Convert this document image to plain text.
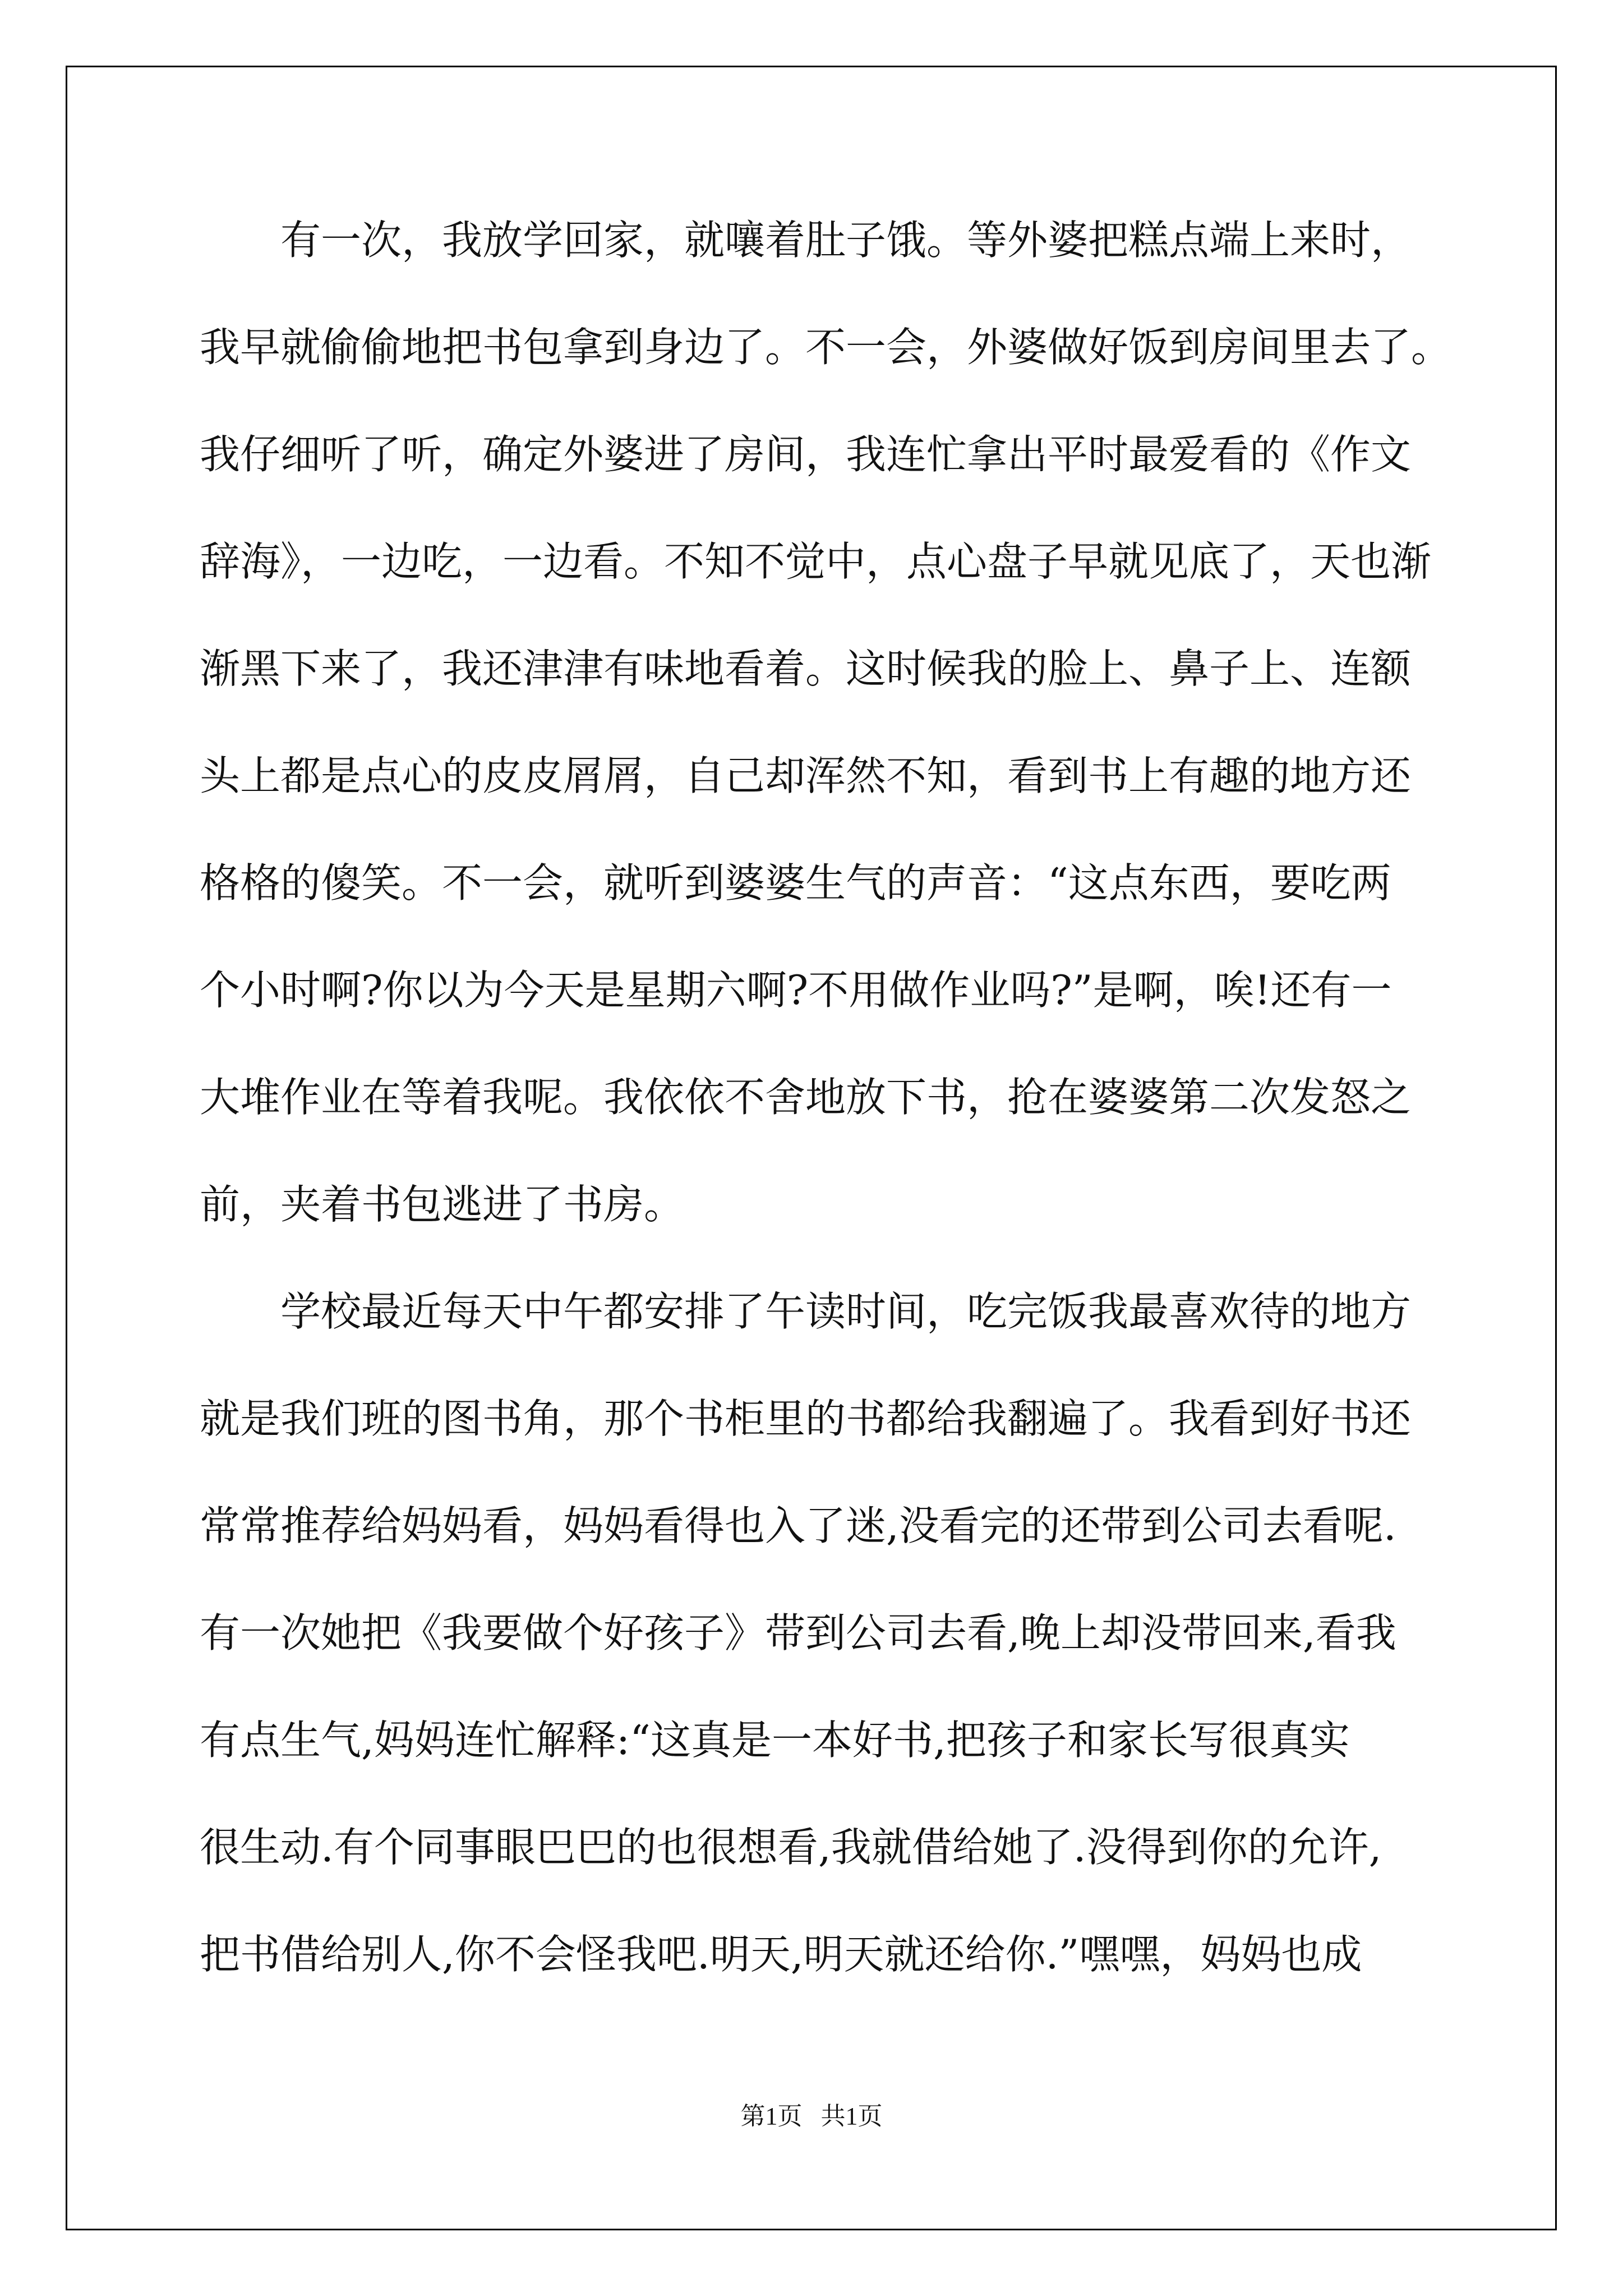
　　有一次，我放学回家，就嚷着肚子饿。等外婆把糕点端上来时，

我早就偷偷地把书包拿到身边了。不一会，外婆做好饭到房间里去了。

我仔细听了听，确定外婆进了房间，我连忙拿出平时最爱看的《作文

辞海》，一边吃，一边看。不知不觉中，点心盘子早就见底了，天也渐

渐黑下来了，我还津津有味地看着。这时候我的脸上、鼻子上、连额

头上都是点心的皮皮屑屑，自己却浑然不知，看到书上有趣的地方还

格格的傻笑。不一会，就听到婆婆生气的声音：“这点东西，要吃两

个小时啊?你以为今天是星期六啊?不用做作业吗?”是啊，唉!还有一

大堆作业在等着我呢。我依依不舍地放下书，抢在婆婆第二次发怒之

前，夹着书包逃进了书房。

　　学校最近每天中午都安排了午读时间，吃完饭我最喜欢待的地方

就是我们班的图书角，那个书柜里的书都给我翻遍了。我看到好书还

常常推荐给妈妈看，妈妈看得也入了迷,没看完的还带到公司去看呢.

有一次她把《我要做个好孩子》带到公司去看,晚上却没带回来,看我

有点生气,妈妈连忙解释:“这真是一本好书,把孩子和家长写很真实

很生动.有个同事眼巴巴的也很想看,我就借给她了.没得到你的允许,

把书借给别人,你不会怪我吧.明天,明天就还给你.”嘿嘿，妈妈也成

第1页 共1页
